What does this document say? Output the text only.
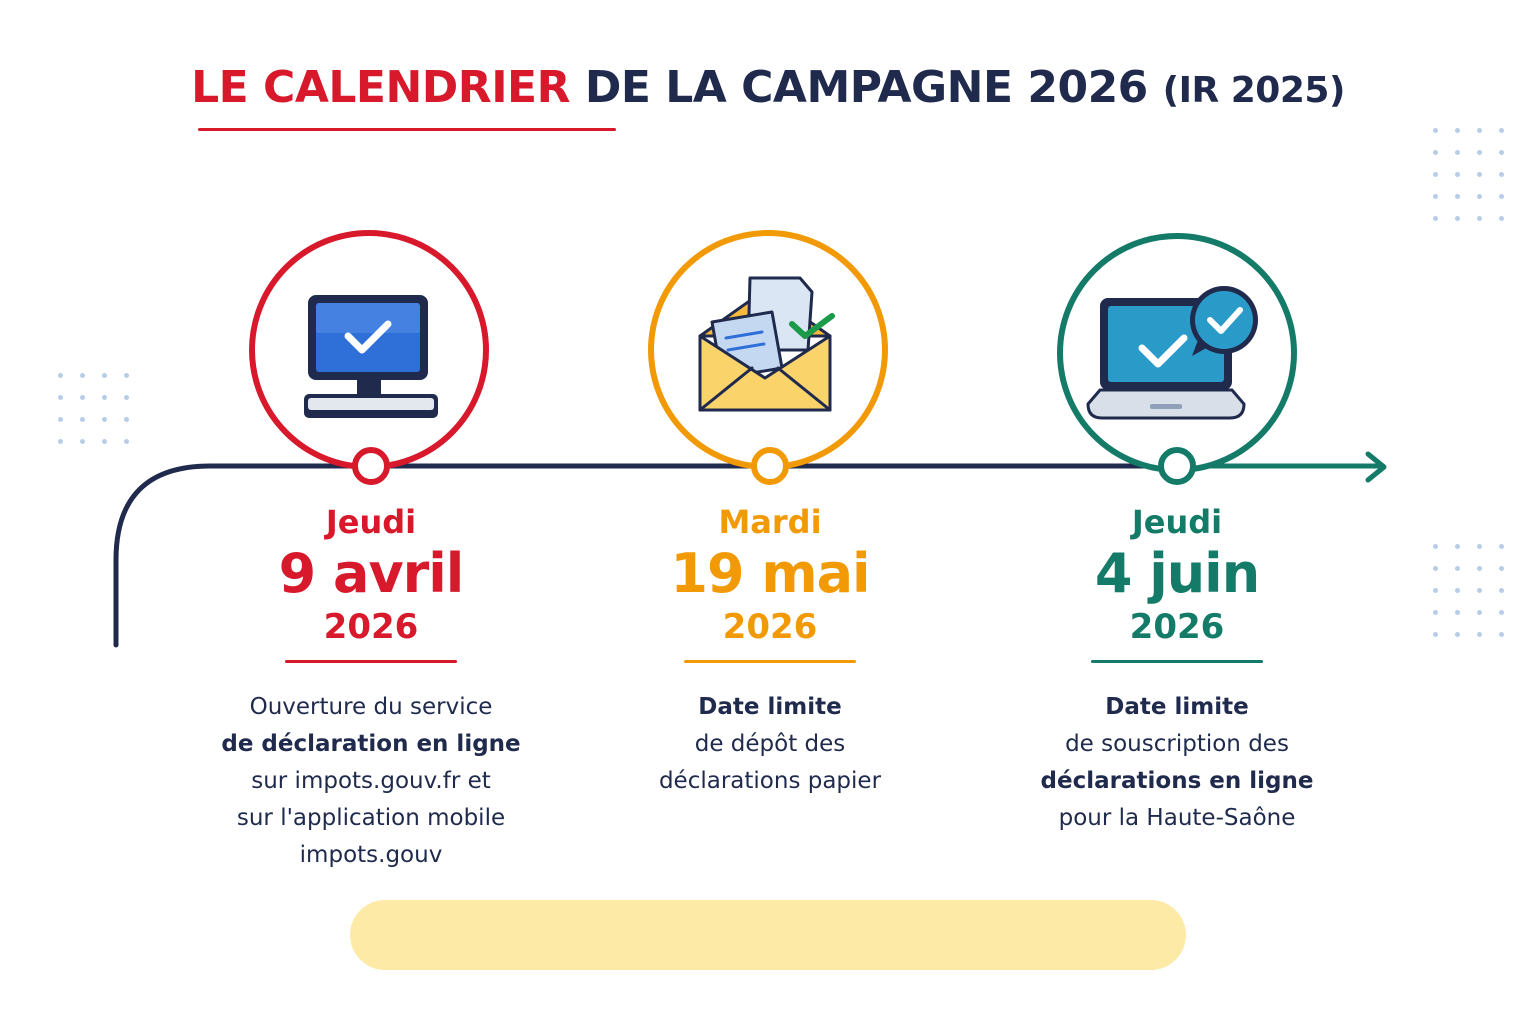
LE CALENDRIER DE LA CAMPAGNE 2026 (IR 2025)
Jeudi
9 avril
2026
Ouverture du service
de déclaration en ligne
sur impots.gouv.fr et
sur l'application mobile
impots.gouv
Mardi
19 mai
2026
Date limite
de dépôt des
déclarations papier
Jeudi
4 juin
2026
Date limite
de souscription des
déclarations en ligne
pour la Haute-Saône
